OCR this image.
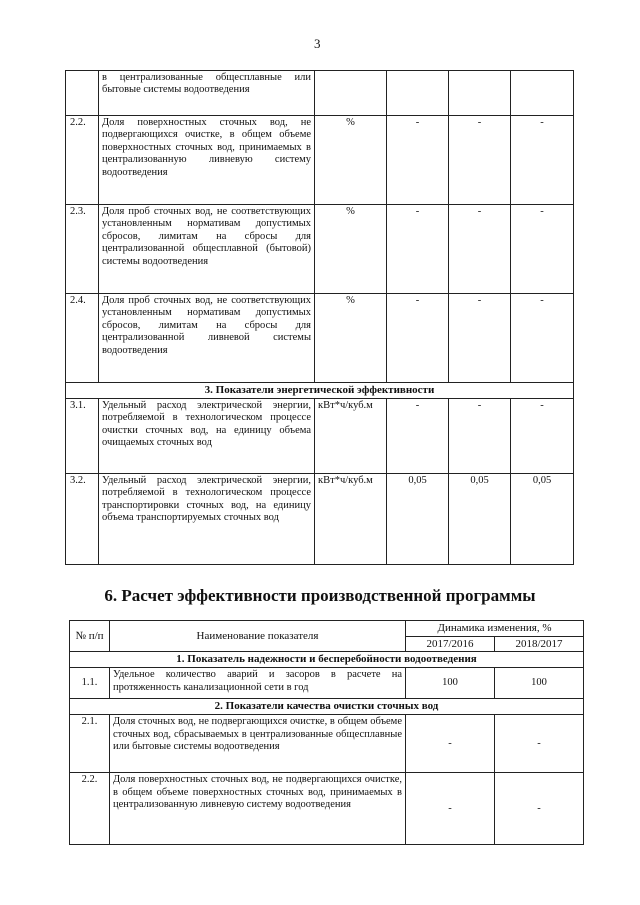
3
	в централизованные общесплавные или бытовые системы водоотведения				
2.2.	Доля поверхностных сточных вод, не подвергающихся очистке, в общем объеме поверхностных сточных вод, принимаемых в централизованную ливневую систему водоотведения	%	-	-	-
2.3.	Доля проб сточных вод, не соответствующих установленным нормативам допустимых сбросов, лимитам на сбросы для централизованной общесплавной (бытовой) системы водоотведения	%	-	-	-
2.4.	Доля проб сточных вод, не соответствующих установленным нормативам допустимых сбросов, лимитам на сбросы для централизованной ливневой системы водоотведения	%	-	-	-
3. Показатели энергетической эффективности					
3.1.	Удельный расход электрической энергии, потребляемой в технологическом процессе очистки сточных вод, на единицу объема очищаемых сточных вод	кВт*ч/куб.м	-	-	-
3.2.	Удельный расход электрической энергии, потребляемой в технологическом процессе транспортировки сточных вод, на единицу объема транспортируемых сточных вод	кВт*ч/куб.м	0,05	0,05	0,05
6. Расчет эффективности производственной программы
№ п/п	Наименование показателя	Динамика изменения, %	
		2017/2016	2018/2017
1. Показатель надежности и бесперебойности водоотведения			
1.1.	Удельное количество аварий и засоров в расчете на протяженность канализационной сети в год	100	100
2. Показатели качества очистки сточных вод			
2.1.	Доля сточных вод, не подвергающихся очистке, в общем объеме сточных вод, сбрасываемых в централизованные общесплавные или бытовые системы водоотведения	-	-
2.2.	Доля поверхностных сточных вод, не подвергающихся очистке, в общем объеме поверхностных сточных вод, принимаемых в централизованную ливневую систему водоотведения	-	-
